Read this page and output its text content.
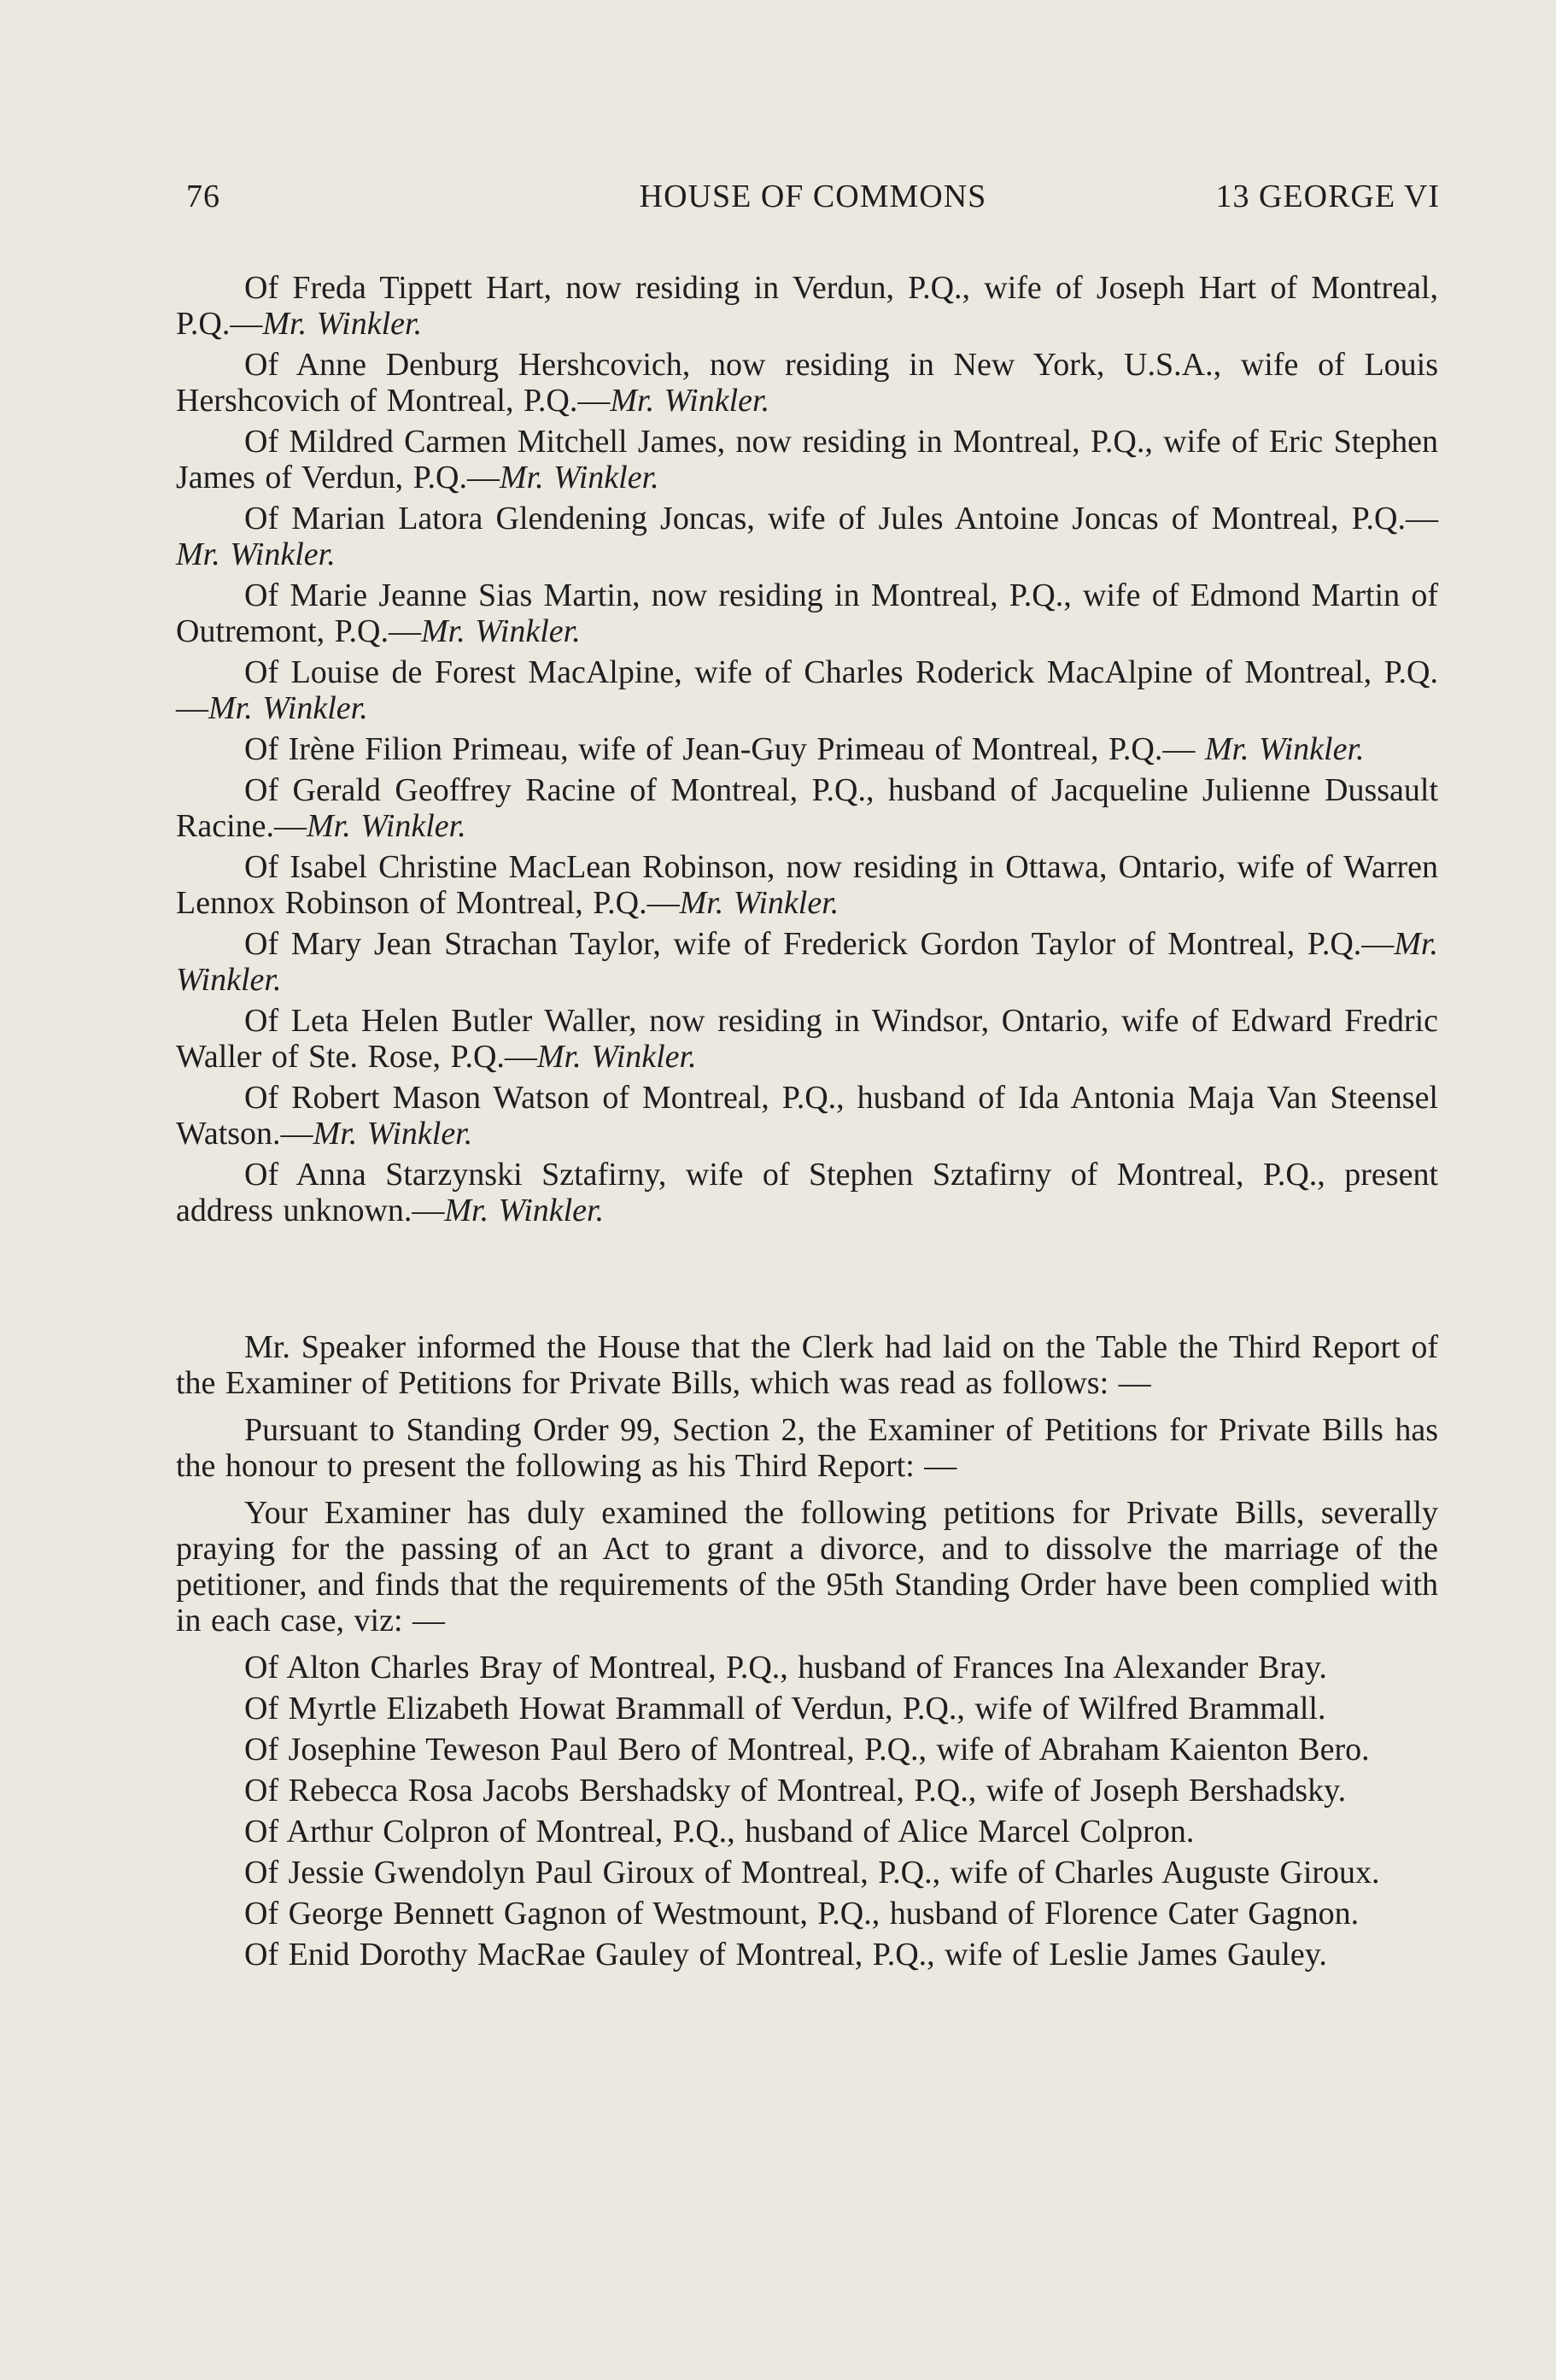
76	HOUSE OF COMMONS	13 GEORGE VI

Of Freda Tippett Hart, now residing in Verdun, P.Q., wife of Joseph Hart of Montreal, P.Q.—Mr. Winkler.

Of Anne Denburg Hershcovich, now residing in New York, U.S.A., wife of Louis Hershcovich of Montreal, P.Q.—Mr. Winkler.

Of Mildred Carmen Mitchell James, now residing in Montreal, P.Q., wife of Eric Stephen James of Verdun, P.Q.—Mr. Winkler.

Of Marian Latora Glendening Joncas, wife of Jules Antoine Joncas of Montreal, P.Q.—Mr. Winkler.

Of Marie Jeanne Sias Martin, now residing in Montreal, P.Q., wife of Edmond Martin of Outremont, P.Q.—Mr. Winkler.

Of Louise de Forest MacAlpine, wife of Charles Roderick MacAlpine of Montreal, P.Q.—Mr. Winkler.

Of Irène Filion Primeau, wife of Jean-Guy Primeau of Montreal, P.Q.— Mr. Winkler.

Of Gerald Geoffrey Racine of Montreal, P.Q., husband of Jacqueline Julienne Dussault Racine.—Mr. Winkler.

Of Isabel Christine MacLean Robinson, now residing in Ottawa, Ontario, wife of Warren Lennox Robinson of Montreal, P.Q.—Mr. Winkler.

Of Mary Jean Strachan Taylor, wife of Frederick Gordon Taylor of Montreal, P.Q.—Mr. Winkler.

Of Leta Helen Butler Waller, now residing in Windsor, Ontario, wife of Edward Fredric Waller of Ste. Rose, P.Q.—Mr. Winkler.

Of Robert Mason Watson of Montreal, P.Q., husband of Ida Antonia Maja Van Steensel Watson.—Mr. Winkler.

Of Anna Starzynski Sztafirny, wife of Stephen Sztafirny of Montreal, P.Q., present address unknown.—Mr. Winkler.

Mr. Speaker informed the House that the Clerk had laid on the Table the Third Report of the Examiner of Petitions for Private Bills, which was read as follows: —

Pursuant to Standing Order 99, Section 2, the Examiner of Petitions for Private Bills has the honour to present the following as his Third Report: —

Your Examiner has duly examined the following petitions for Private Bills, severally praying for the passing of an Act to grant a divorce, and to dissolve the marriage of the petitioner, and finds that the requirements of the 95th Standing Order have been complied with in each case, viz: —

Of Alton Charles Bray of Montreal, P.Q., husband of Frances Ina Alexander Bray.

Of Myrtle Elizabeth Howat Brammall of Verdun, P.Q., wife of Wilfred Brammall.

Of Josephine Teweson Paul Bero of Montreal, P.Q., wife of Abraham Kaienton Bero.

Of Rebecca Rosa Jacobs Bershadsky of Montreal, P.Q., wife of Joseph Bershadsky.

Of Arthur Colpron of Montreal, P.Q., husband of Alice Marcel Colpron.

Of Jessie Gwendolyn Paul Giroux of Montreal, P.Q., wife of Charles Auguste Giroux.

Of George Bennett Gagnon of Westmount, P.Q., husband of Florence Cater Gagnon.

Of Enid Dorothy MacRae Gauley of Montreal, P.Q., wife of Leslie James Gauley.
